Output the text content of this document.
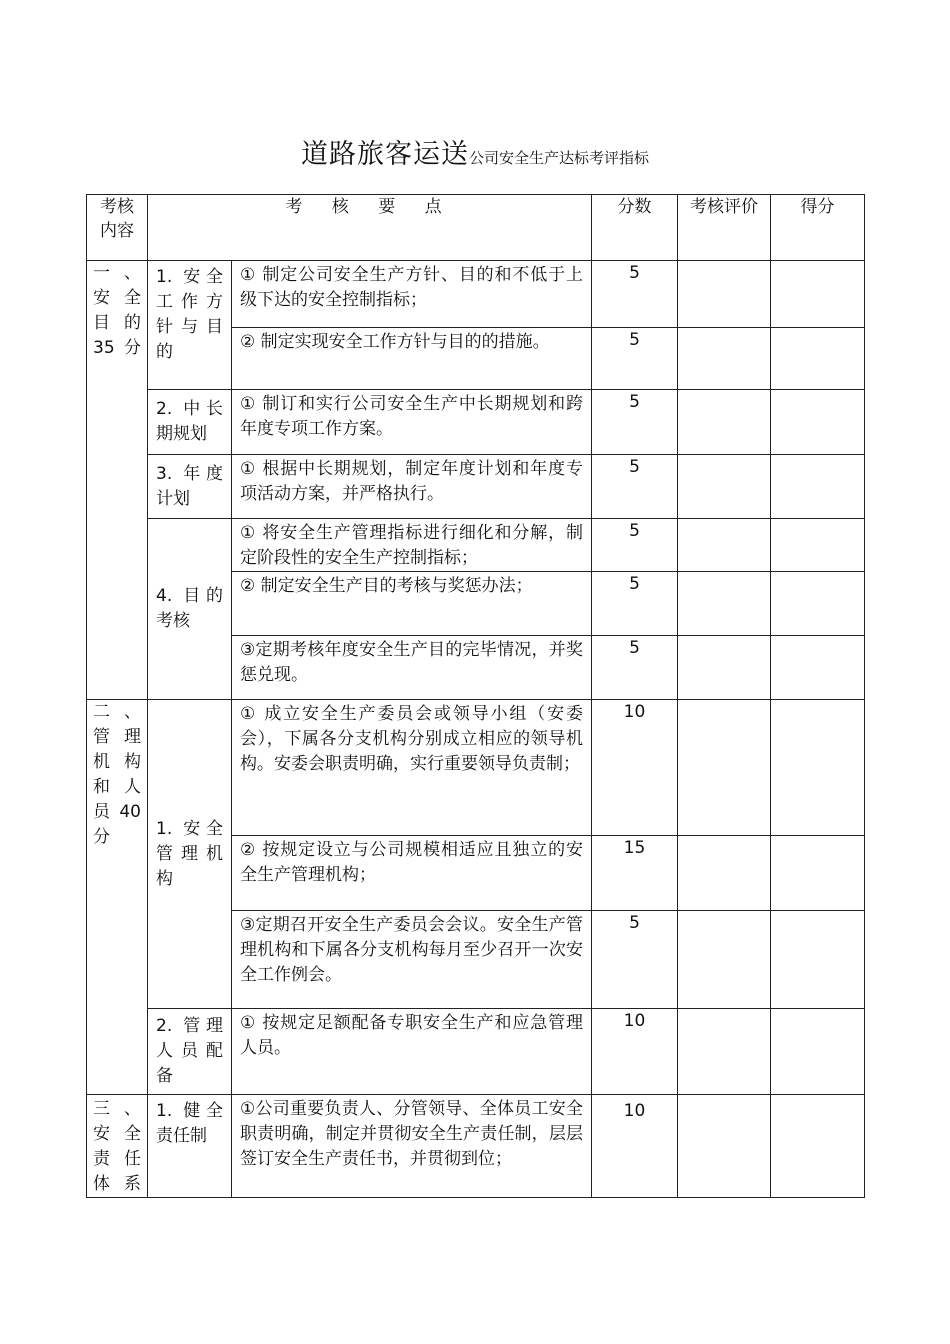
道路旅客运送公司安全生产达标考评指标
考核内容	考 核 要 点		分数	考核评价	得分
一、安全目的35分	1. 安全工作方针与目的	① 制定公司安全生产方针、目的和不低于上级下达的安全控制指标；	5		
		② 制定实现安全工作方针与目的的措施。	5		
	2. 中长期规划	① 制订和实行公司安全生产中长期规划和跨年度专项工作方案。	5		
	3. 年度计划	① 根据中长期规划，制定年度计划和年度专项活动方案，并严格执行。	5		
	4. 目的考核	① 将安全生产管理指标进行细化和分解，制定阶段性的安全生产控制指标；	5		
		② 制定安全生产目的考核与奖惩办法；	5		
		③定期考核年度安全生产目的完毕情况，并奖惩兑现。	5		
二、管理机构和人员40分	1. 安全管理机构	① 成立安全生产委员会或领导小组（安委会），下属各分支机构分别成立相应的领导机构。安委会职责明确，实行重要领导负责制；	10		
		② 按规定设立与公司规模相适应且独立的安全生产管理机构；	15		
		③定期召开安全生产委员会会议。安全生产管理机构和下属各分支机构每月至少召开一次安全工作例会。	5		
	2. 管理人员配备	① 按规定足额配备专职安全生产和应急管理人员。	10		
三、安全责任体系	1. 健全责任制	①公司重要负责人、分管领导、全体员工安全职责明确，制定并贯彻安全生产责任制，层层签订安全生产责任书，并贯彻到位；	10		
